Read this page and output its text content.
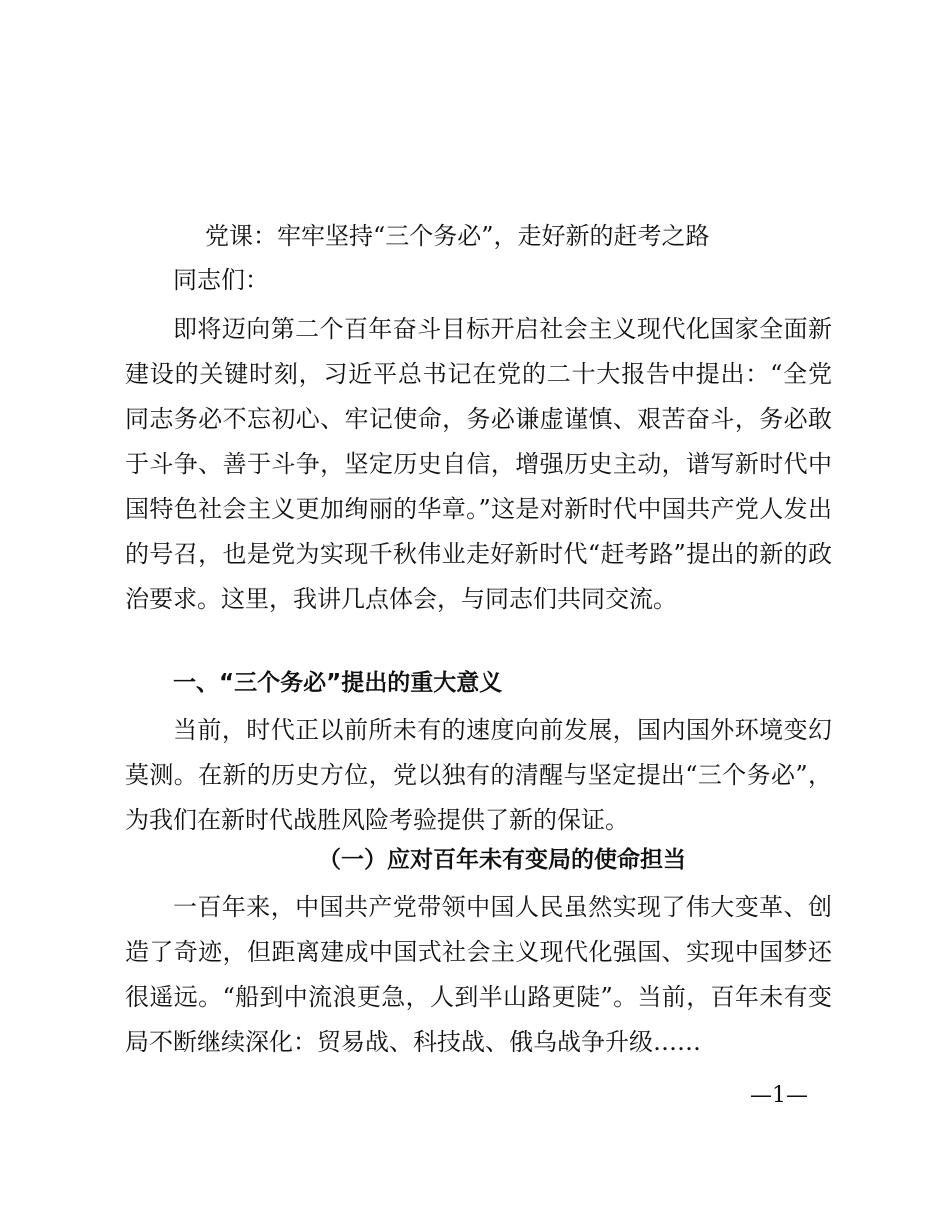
党课：牢牢坚持“三个务必”，走好新的赶考之路
同志们：

即将迈向第二个百年奋斗目标开启社会主义现代化国家全面新建设的关键时刻，习近平总书记在党的二十大报告中提出：“全党同志务必不忘初心、牢记使命，务必谦虚谨慎、艰苦奋斗，务必敢于斗争、善于斗争，坚定历史自信，增强历史主动，谱写新时代中国特色社会主义更加绚丽的华章。”这是对新时代中国共产党人发出的号召，也是党为实现千秋伟业走好新时代“赶考路”提出的新的政治要求。这里，我讲几点体会，与同志们共同交流。

一、“三个务必”提出的重大意义

当前，时代正以前所未有的速度向前发展，国内国外环境变幻莫测。在新的历史方位，党以独有的清醒与坚定提出“三个务必”，为我们在新时代战胜风险考验提供了新的保证。

（一）应对百年未有变局的使命担当

一百年来，中国共产党带领中国人民虽然实现了伟大变革、创造了奇迹，但距离建成中国式社会主义现代化强国、实现中国梦还很遥远。“船到中流浪更急，人到半山路更陡”。当前，百年未有变局不断继续深化：贸易战、科技战、俄乌战争升级……

—1—
